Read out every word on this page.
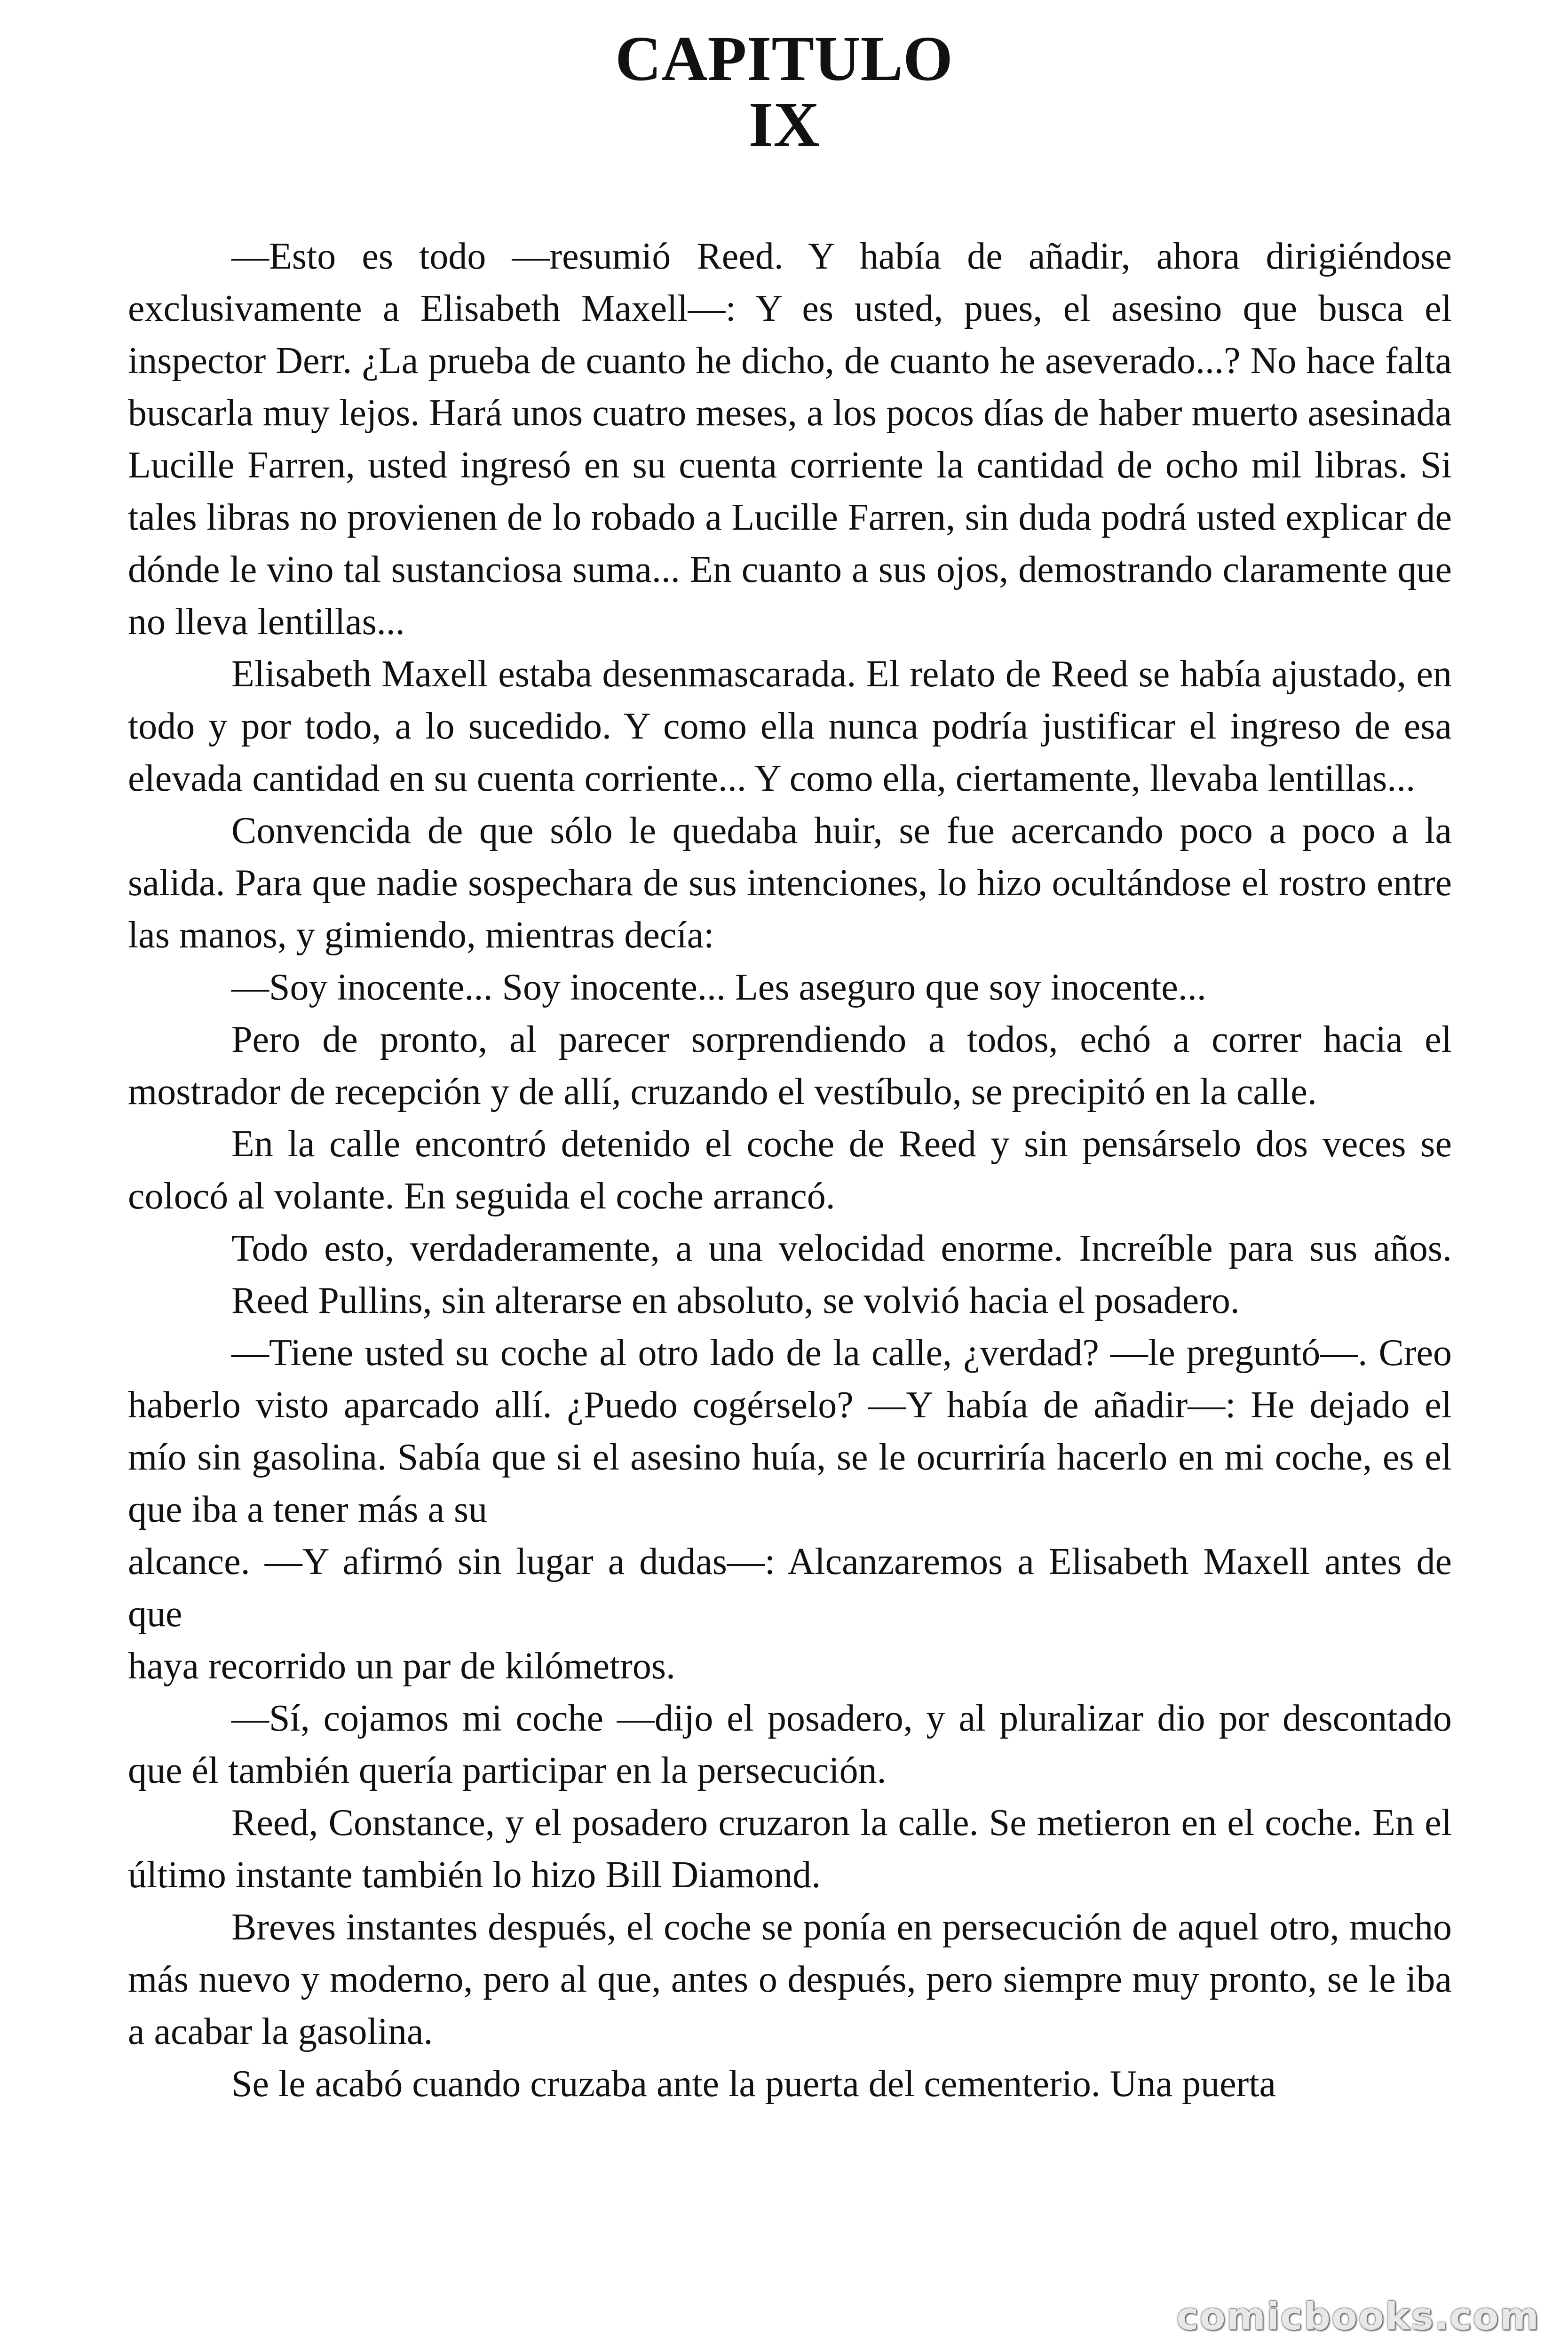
CAPITULO
IX

—Esto es todo —resumió Reed. Y había de añadir, ahora dirigiéndose exclusivamente a Elisabeth Maxell—: Y es usted, pues, el asesino que busca el inspector Derr. ¿La prueba de cuanto he dicho, de cuanto he aseverado...? No hace falta buscarla muy lejos. Hará unos cuatro meses, a los pocos días de haber muerto asesinada Lucille Farren, usted ingresó en su cuenta corriente la cantidad de ocho mil libras. Si tales libras no provienen de lo robado a Lucille Farren, sin duda podrá usted explicar de dónde le vino tal sustanciosa suma... En cuanto a sus ojos, demostrando claramente que no lleva lentillas...

Elisabeth Maxell estaba desenmascarada. El relato de Reed se había ajustado, en todo y por todo, a lo sucedido. Y como ella nunca podría justificar el ingreso de esa elevada cantidad en su cuenta corriente... Y como ella, ciertamente, llevaba lentillas...

Convencida de que sólo le quedaba huir, se fue acercando poco a poco a la salida. Para que nadie sospechara de sus intenciones, lo hizo ocultándose el rostro entre las manos, y gimiendo, mientras decía:

—Soy inocente... Soy inocente... Les aseguro que soy inocente...

Pero de pronto, al parecer sorprendiendo a todos, echó a correr hacia el mostrador de recepción y de allí, cruzando el vestíbulo, se precipitó en la calle.

En la calle encontró detenido el coche de Reed y sin pensárselo dos veces se colocó al volante. En seguida el coche arrancó.

Todo esto, verdaderamente, a una velocidad enorme. Increíble para sus años. Reed Pullins, sin alterarse en absoluto, se volvió hacia el posadero.

—Tiene usted su coche al otro lado de la calle, ¿verdad? —le preguntó—. Creo haberlo visto aparcado allí. ¿Puedo cogérselo? —Y había de añadir—: He dejado el mío sin gasolina. Sabía que si el asesino huía, se le ocurriría hacerlo en mi coche, es el que iba a tener más a su

alcance. —Y afirmó sin lugar a dudas—: Alcanzaremos a Elisabeth Maxell antes de que

haya recorrido un par de kilómetros.

—Sí, cojamos mi coche —dijo el posadero, y al pluralizar dio por descontado que él también quería participar en la persecución.

Reed, Constance, y el posadero cruzaron la calle. Se metieron en el coche. En el último instante también lo hizo Bill Diamond.

Breves instantes después, el coche se ponía en persecución de aquel otro, mucho más nuevo y moderno, pero al que, antes o después, pero siempre muy pronto, se le iba a acabar la gasolina.

Se le acabó cuando cruzaba ante la puerta del cementerio. Una puerta

comicbooks.com
